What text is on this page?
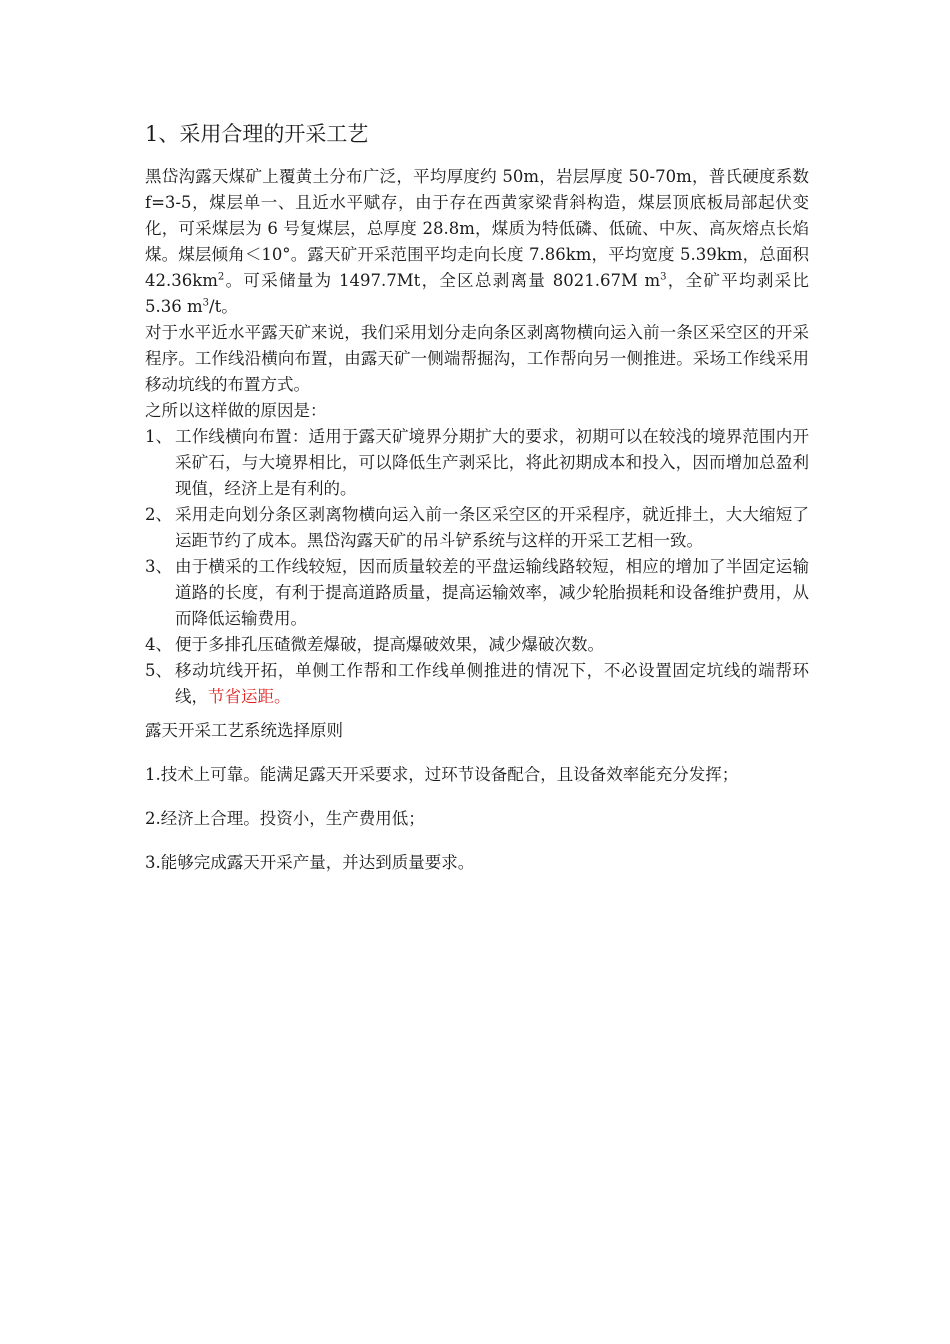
1、采用合理的开采工艺

黑岱沟露天煤矿上覆黄土分布广泛，平均厚度约 50m，岩层厚度 50-70m，普氏硬度系数 f=3-5，煤层单一、且近水平赋存，由于存在西黄家梁背斜构造，煤层顶底板局部起伏变化，可采煤层为 6 号复煤层，总厚度 28.8m，煤质为特低磷、低硫、中灰、高灰熔点长焰煤。煤层倾角＜10°。露天矿开采范围平均走向长度 7.86km，平均宽度 5.39km，总面积 $42.36km^2$。可采储量为 1497.7Mt，全区总剥离量 8021.67M $m^3$，全矿平均剥采比 5.36 $m^3/t$。

对于水平近水平露天矿来说，我们采用划分走向条区剥离物横向运入前一条区采空区的开采程序。工作线沿横向布置，由露天矿一侧端帮掘沟，工作帮向另一侧推进。采场工作线采用移动坑线的布置方式。

之所以这样做的原因是：

1、 工作线横向布置：适用于露天矿境界分期扩大的要求，初期可以在较浅的境界范围内开采矿石，与大境界相比，可以降低生产剥采比，将此初期成本和投入，因而增加总盈利现值，经济上是有利的。
2、 采用走向划分条区剥离物横向运入前一条区采空区的开采程序，就近排土，大大缩短了运距节约了成本。黑岱沟露天矿的吊斗铲系统与这样的开采工艺相一致。
3、 由于横采的工作线较短，因而质量较差的平盘运输线路较短，相应的增加了半固定运输道路的长度，有利于提高道路质量，提高运输效率，减少轮胎损耗和设备维护费用，从而降低运输费用。
4、 便于多排孔压碴微差爆破，提高爆破效果，减少爆破次数。
5、 移动坑线开拓，单侧工作帮和工作线单侧推进的情况下，不必设置固定坑线的端帮环线，节省运距。

露天开采工艺系统选择原则

1.技术上可靠。能满足露天开采要求，过环节设备配合，且设备效率能充分发挥；

2.经济上合理。投资小，生产费用低；

3.能够完成露天开采产量，并达到质量要求。
